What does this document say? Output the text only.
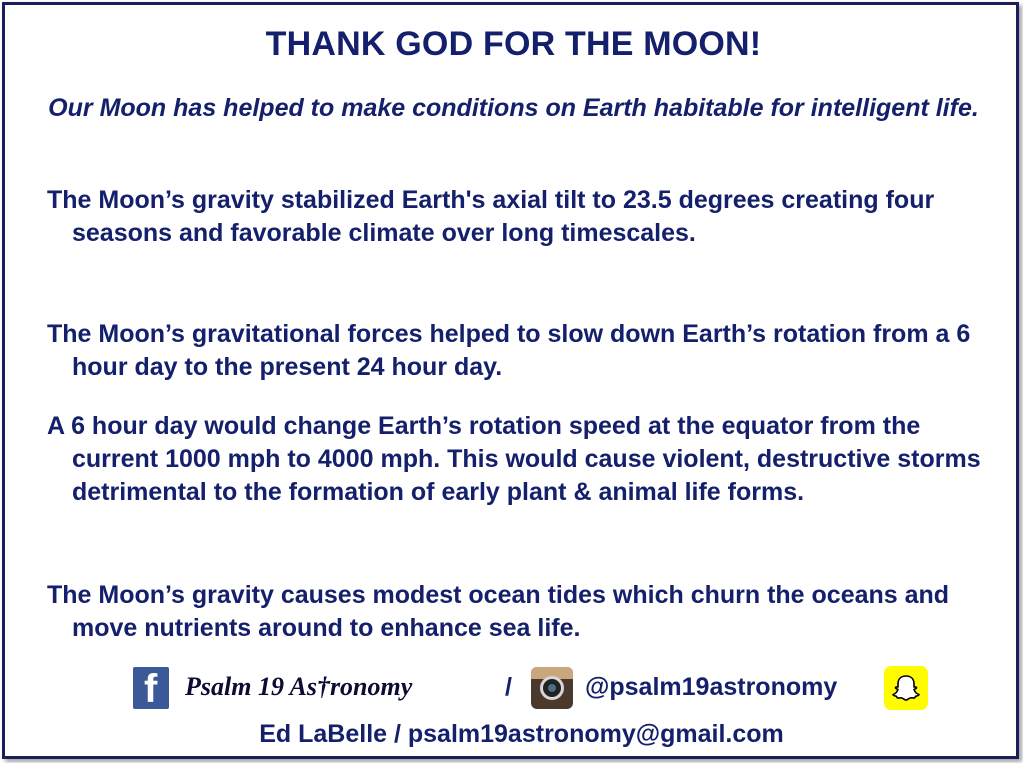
THANK GOD FOR THE MOON!
Our Moon has helped to make conditions on Earth habitable for intelligent life.
The Moon’s gravity stabilized Earth's axial tilt to 23.5 degrees creating four seasons and favorable climate over long timescales.
The Moon’s gravitational forces helped to slow down Earth’s rotation from a 6 hour day to the present 24 hour day.
A 6 hour day would change Earth’s rotation speed at the equator from the current 1000 mph to 4000 mph. This would cause violent, destructive storms detrimental to the formation of early plant & animal life forms.
The Moon’s gravity causes modest ocean tides which churn the oceans and move nutrients around to enhance sea life.
f Psalm 19 As†ronomy	/	@psalm19astronomy
Ed LaBelle / psalm19astronomy@gmail.com
